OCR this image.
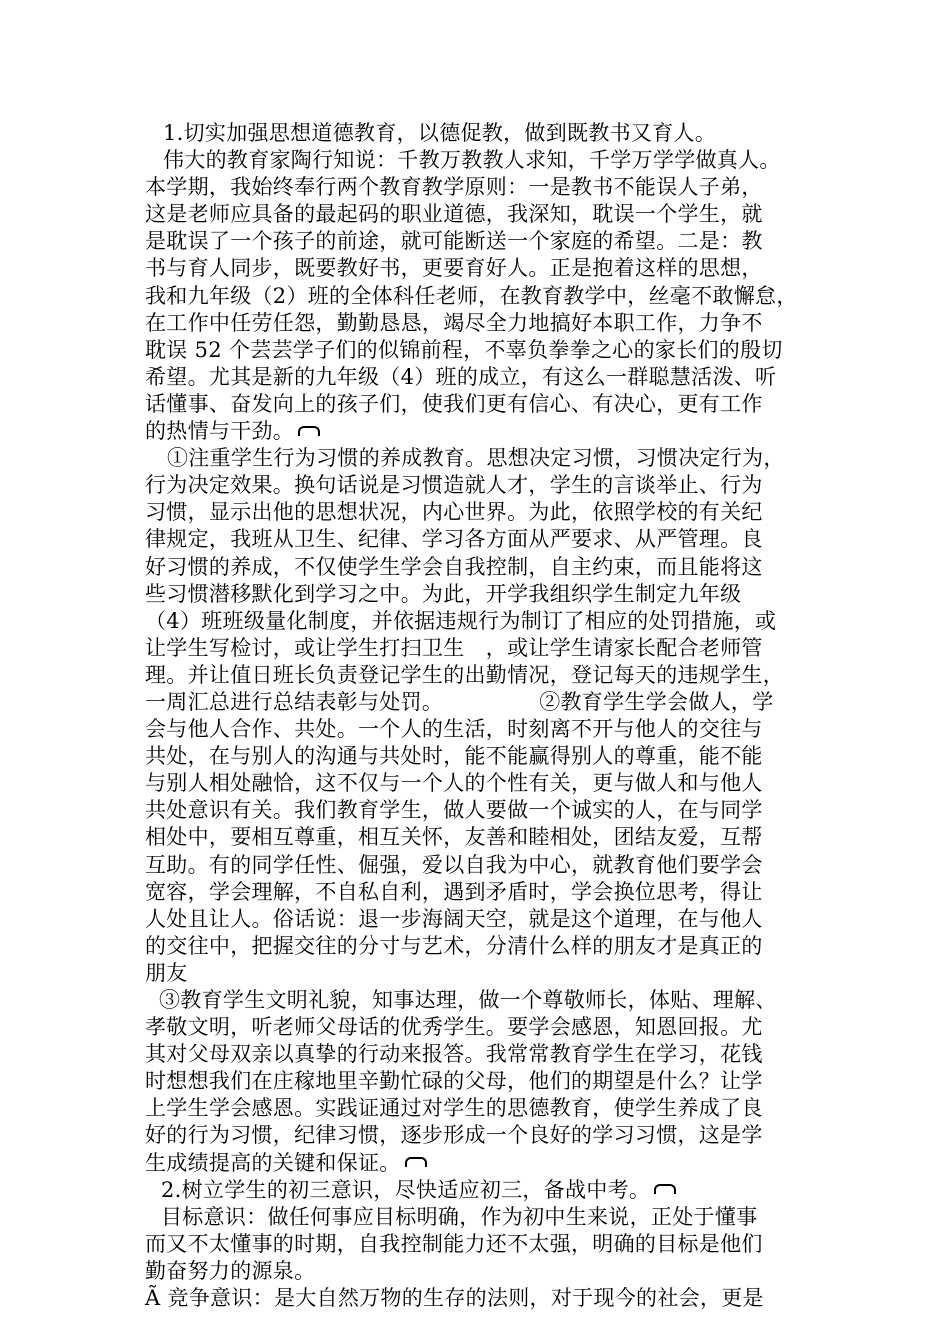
1.切实加强思想道德教育，以德促教，做到既教书又育人。
伟大的教育家陶行知说：千教万教教人求知，千学万学学做真人。
本学期，我始终奉行两个教育教学原则：一是教书不能误人子弟，
这是老师应具备的最起码的职业道德，我深知，耽误一个学生，就
是耽误了一个孩子的前途，就可能断送一个家庭的希望。二是：教
书与育人同步，既要教好书，更要育好人。正是抱着这样的思想，
我和九年级（2）班的全体科任老师，在教育教学中，丝毫不敢懈怠，
在工作中任劳任怨，勤勤恳恳，竭尽全力地搞好本职工作，力争不
耽误 52 个芸芸学子们的似锦前程，不辜负拳拳之心的家长们的殷切
希望。尤其是新的九年级（4）班的成立，有这么一群聪慧活泼、听
话懂事、奋发向上的孩子们，使我们更有信心、有决心，更有工作
的热情与干劲。
①注重学生行为习惯的养成教育。思想决定习惯，习惯决定行为，
行为决定效果。换句话说是习惯造就人才，学生的言谈举止、行为
习惯，显示出他的思想状况，内心世界。为此，依照学校的有关纪
律规定，我班从卫生、纪律、学习各方面从严要求、从严管理。良
好习惯的养成，不仅使学生学会自我控制，自主约束，而且能将这
些习惯潜移默化到学习之中。为此，开学我组织学生制定九年级
（4）班班级量化制度，并依据违规行为制订了相应的处罚措施，或
让学生写检讨，或让学生打扫卫生　，或让学生请家长配合老师管
理。并让值日班长负责登记学生的出勤情况，登记每天的违规学生，
一周汇总进行总结表彰与处罚。　　　　　②教育学生学会做人，学
会与他人合作、共处。一个人的生活，时刻离不开与他人的交往与
共处，在与别人的沟通与共处时，能不能赢得别人的尊重，能不能
与别人相处融恰，这不仅与一个人的个性有关，更与做人和与他人
共处意识有关。我们教育学生，做人要做一个诚实的人，在与同学
相处中，要相互尊重，相互关怀，友善和睦相处，团结友爱，互帮
互助。有的同学任性、倔强，爱以自我为中心，就教育他们要学会
宽容，学会理解，不自私自利，遇到矛盾时，学会换位思考，得让
人处且让人。俗话说：退一步海阔天空，就是这个道理，在与他人
的交往中，把握交往的分寸与艺术，分清什么样的朋友才是真正的
朋友
③教育学生文明礼貌，知事达理，做一个尊敬师长，体贴、理解、
孝敬文明，听老师父母话的优秀学生。要学会感恩，知恩回报。尤
其对父母双亲以真挚的行动来报答。我常常教育学生在学习，花钱
时想想我们在庄稼地里辛勤忙碌的父母，他们的期望是什么？让学
上学生学会感恩。实践证通过对学生的思德教育，使学生养成了良
好的行为习惯，纪律习惯，逐步形成一个良好的学习习惯，这是学
生成绩提高的关键和保证。
2.树立学生的初三意识，尽快适应初三，备战中考。
目标意识：做任何事应目标明确，作为初中生来说，正处于懂事
而又不太懂事的时期，自我控制能力还不太强，明确的目标是他们
勤奋努力的源泉。
Ã 竞争意识：是大自然万物的生存的法则，对于现今的社会，更是
